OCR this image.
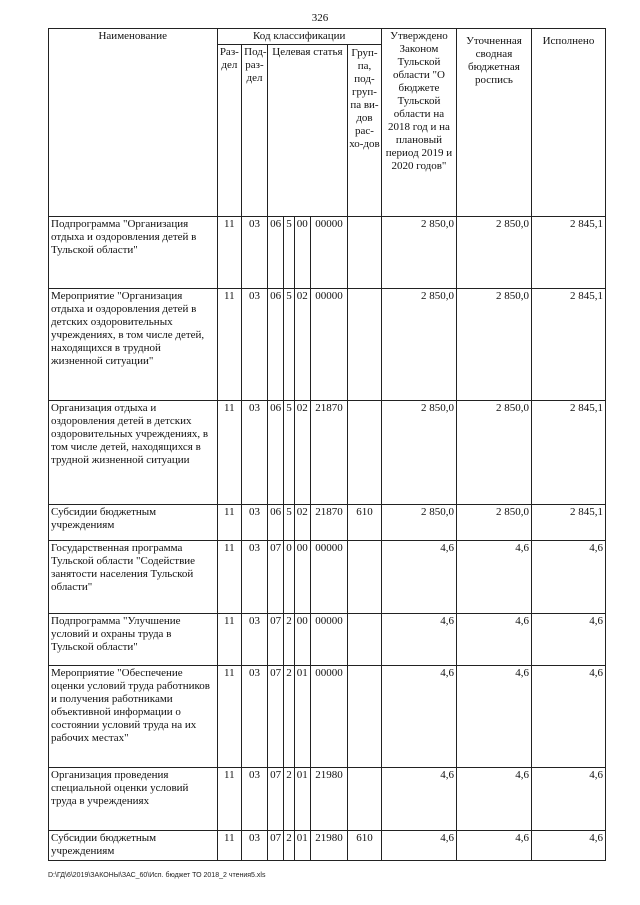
326
Наименование	Код классификации							Утверждено Законом Тульской области "О бюджете Тульской области на 2018 год и на плановый период 2019 и 2020 годов"	Уточненная сводная бюджетная роспись	Исполнено
	Раз-дел	Под-раз-дел	Целевая статья				Груп-па, под-груп-па ви-дов рас-хо-дов			
Подпрограмма "Организация отдыха и оздоровления детей в Тульской области"	11	03	06	5	00	00000		2 850,0	2 850,0	2 845,1
Мероприятие "Организация отдыха и оздоровления детей в детских оздоровительных учреждениях, в том числе детей, находящихся в трудной жизненной ситуации"	11	03	06	5	02	00000		2 850,0	2 850,0	2 845,1
Организация отдыха и оздоровления детей в детских оздоровительных учреждениях, в том числе детей, находящихся в трудной жизненной ситуации	11	03	06	5	02	21870		2 850,0	2 850,0	2 845,1
Субсидии бюджетным учреждениям	11	03	06	5	02	21870	610	2 850,0	2 850,0	2 845,1
Государственная программа Тульской области "Содействие занятости населения Тульской области"	11	03	07	0	00	00000		4,6	4,6	4,6
Подпрограмма "Улучшение условий и охраны труда в Тульской области"	11	03	07	2	00	00000		4,6	4,6	4,6
Мероприятие "Обеспечение оценки условий труда работников и получения работниками объективной информации о состоянии условий труда на их рабочих местах"	11	03	07	2	01	00000		4,6	4,6	4,6
Организация проведения специальной оценки условий труда в учреждениях	11	03	07	2	01	21980		4,6	4,6	4,6
Субсидии бюджетным учреждениям	11	03	07	2	01	21980	610	4,6	4,6	4,6
D:\ГД\6\2019\ЗАКОНЫ\ЗАС_60\Исп. бюджет ТО 2018_2 чтения5.xls
